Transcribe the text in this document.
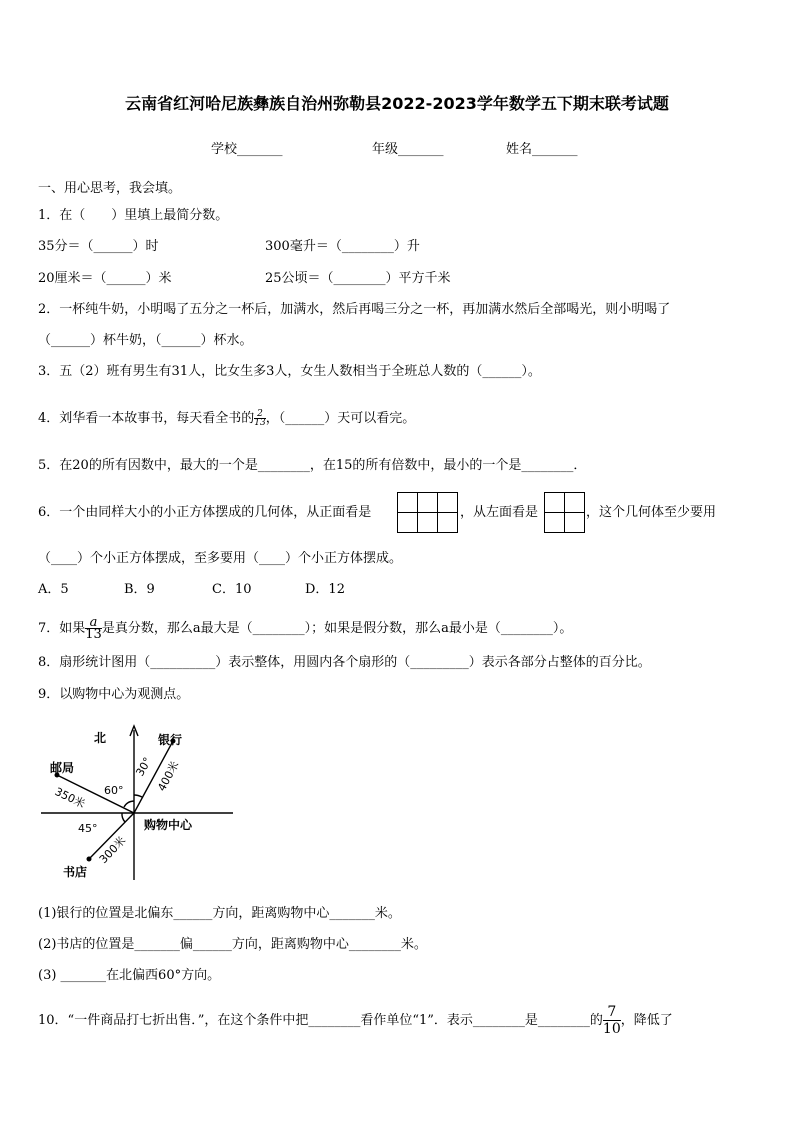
云南省红河哈尼族彝族自治州弥勒县2022-2023学年数学五下期末联考试题
学校_______	年级_______	姓名_______
一、用心思考，我会填。
1．在（　　）里填上最简分数。
35分＝（______）时	300毫升＝（________）升
20厘米＝（______）米	25公顷＝（________）平方千米
2．一杯纯牛奶，小明喝了五分之一杯后，加满水，然后再喝三分之一杯，再加满水然后全部喝光，则小明喝了
（______）杯牛奶，（______）杯水。
3．五（2）班有男生有31人，比女生多3人，女生人数相当于全班总人数的（______）。
4．刘华看一本故事书，每天看全书的 $\frac{2}{13}$ ，（______）天可以看完。
5．在20的所有因数中，最大的一个是________，在15的所有倍数中，最小的一个是________．
6．一个由同样大小的小正方体摆成的几何体，从正面看是	，从左面看是	，这个几何体至少要用
（____）个小正方体摆成，至多要用（____）个小正方体摆成。
A．5	B．9	C．10	D．12
7．如果 $\frac{a}{13}$ 是真分数，那么a最大是（________）；如果是假分数，那么a最小是（________）。
8．扇形统计图用（__________）表示整体，用圆内各个扇形的（_________）表示各部分占整体的百分比。
9．以购物中心为观测点。
北	银行
邮局
书店
购物中心
60°
30°
45°
350米
400米
300米
(1)银行的位置是北偏东______方向，距离购物中心_______米。
(2)书店的位置是_______偏______方向，距离购物中心________米。
(3) _______在北偏西60°方向。
10．“一件商品打七折出售．”，在这个条件中把________看作单位“1”．表示________是________的 $\frac{7}{10}$ ，降低了
